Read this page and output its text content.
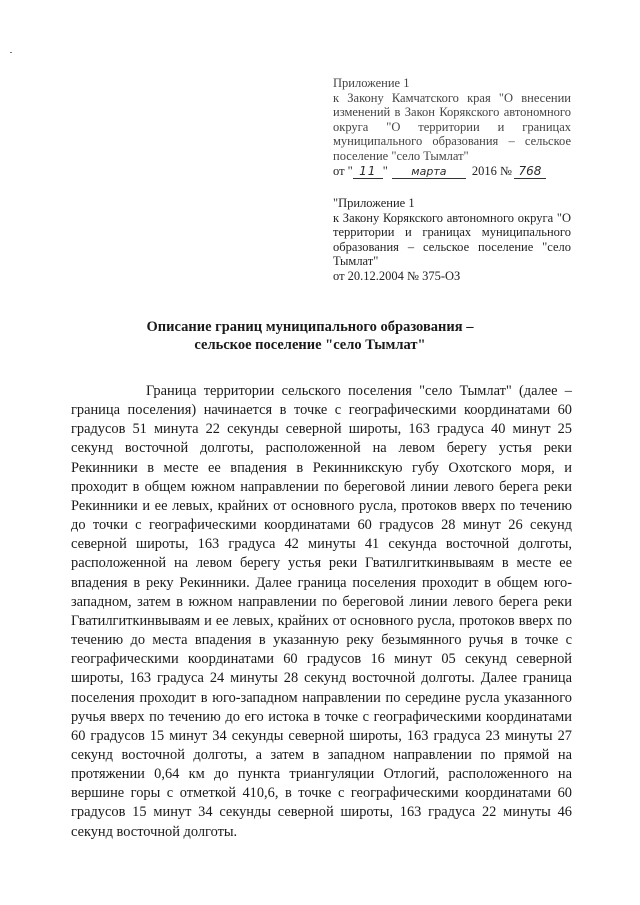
Приложение 1
к Закону Камчатского края "О внесении изменений в Закон Корякского автономного округа "О территории и границах муниципального образования – сельское поселение "село Тымлат"
от " 11 "	марта	2016 № 768
"Приложение 1
к Закону Корякского автономного округа "О территории и границах муниципального образования – сельское поселение "село Тымлат"
от 20.12.2004 № 375-ОЗ
Описание границ муниципального образования –
сельское поселение "село Тымлат"

Граница территории сельского поселения "село Тымлат" (далее – граница поселения) начинается в точке с географическими координатами 60 градусов 51 минута 22 секунды северной широты, 163 градуса 40 минут 25 секунд восточной долготы, расположенной на левом берегу устья реки Рекинники в месте ее впадения в Рекинникскую губу Охотского моря, и проходит в общем южном направлении по береговой линии левого берега реки Рекинники и ее левых, крайних от основного русла, протоков вверх по течению до точки с географическими координатами 60 градусов 28 минут 26 секунд северной широты, 163 градуса 42 минуты 41 секунда восточной долготы, расположенной на левом берегу устья реки Гватилгиткинвываям в месте ее впадения в реку Рекинники. Далее граница поселения проходит в общем юго-западном, затем в южном направлении по береговой линии левого берега реки Гватилгиткинвываям и ее левых, крайних от основного русла, протоков вверх по течению до места впадения в указанную реку безымянного ручья в точке с географическими координатами 60 градусов 16 минут 05 секунд северной широты, 163 градуса 24 минуты 28 секунд восточной долготы. Далее граница поселения проходит в юго-западном направлении по середине русла указанного ручья вверх по течению до его истока в точке с географическими координатами 60 градусов 15 минут 34 секунды северной широты, 163 градуса 23 минуты 27 секунд восточной долготы, а затем в западном направлении по прямой на протяжении 0,64 км до пункта триангуляции Отлогий, расположенного на вершине горы с отметкой 410,6, в точке с географическими координатами 60 градусов 15 минут 34 секунды северной широты, 163 градуса 22 минуты 46 секунд восточной долготы.
